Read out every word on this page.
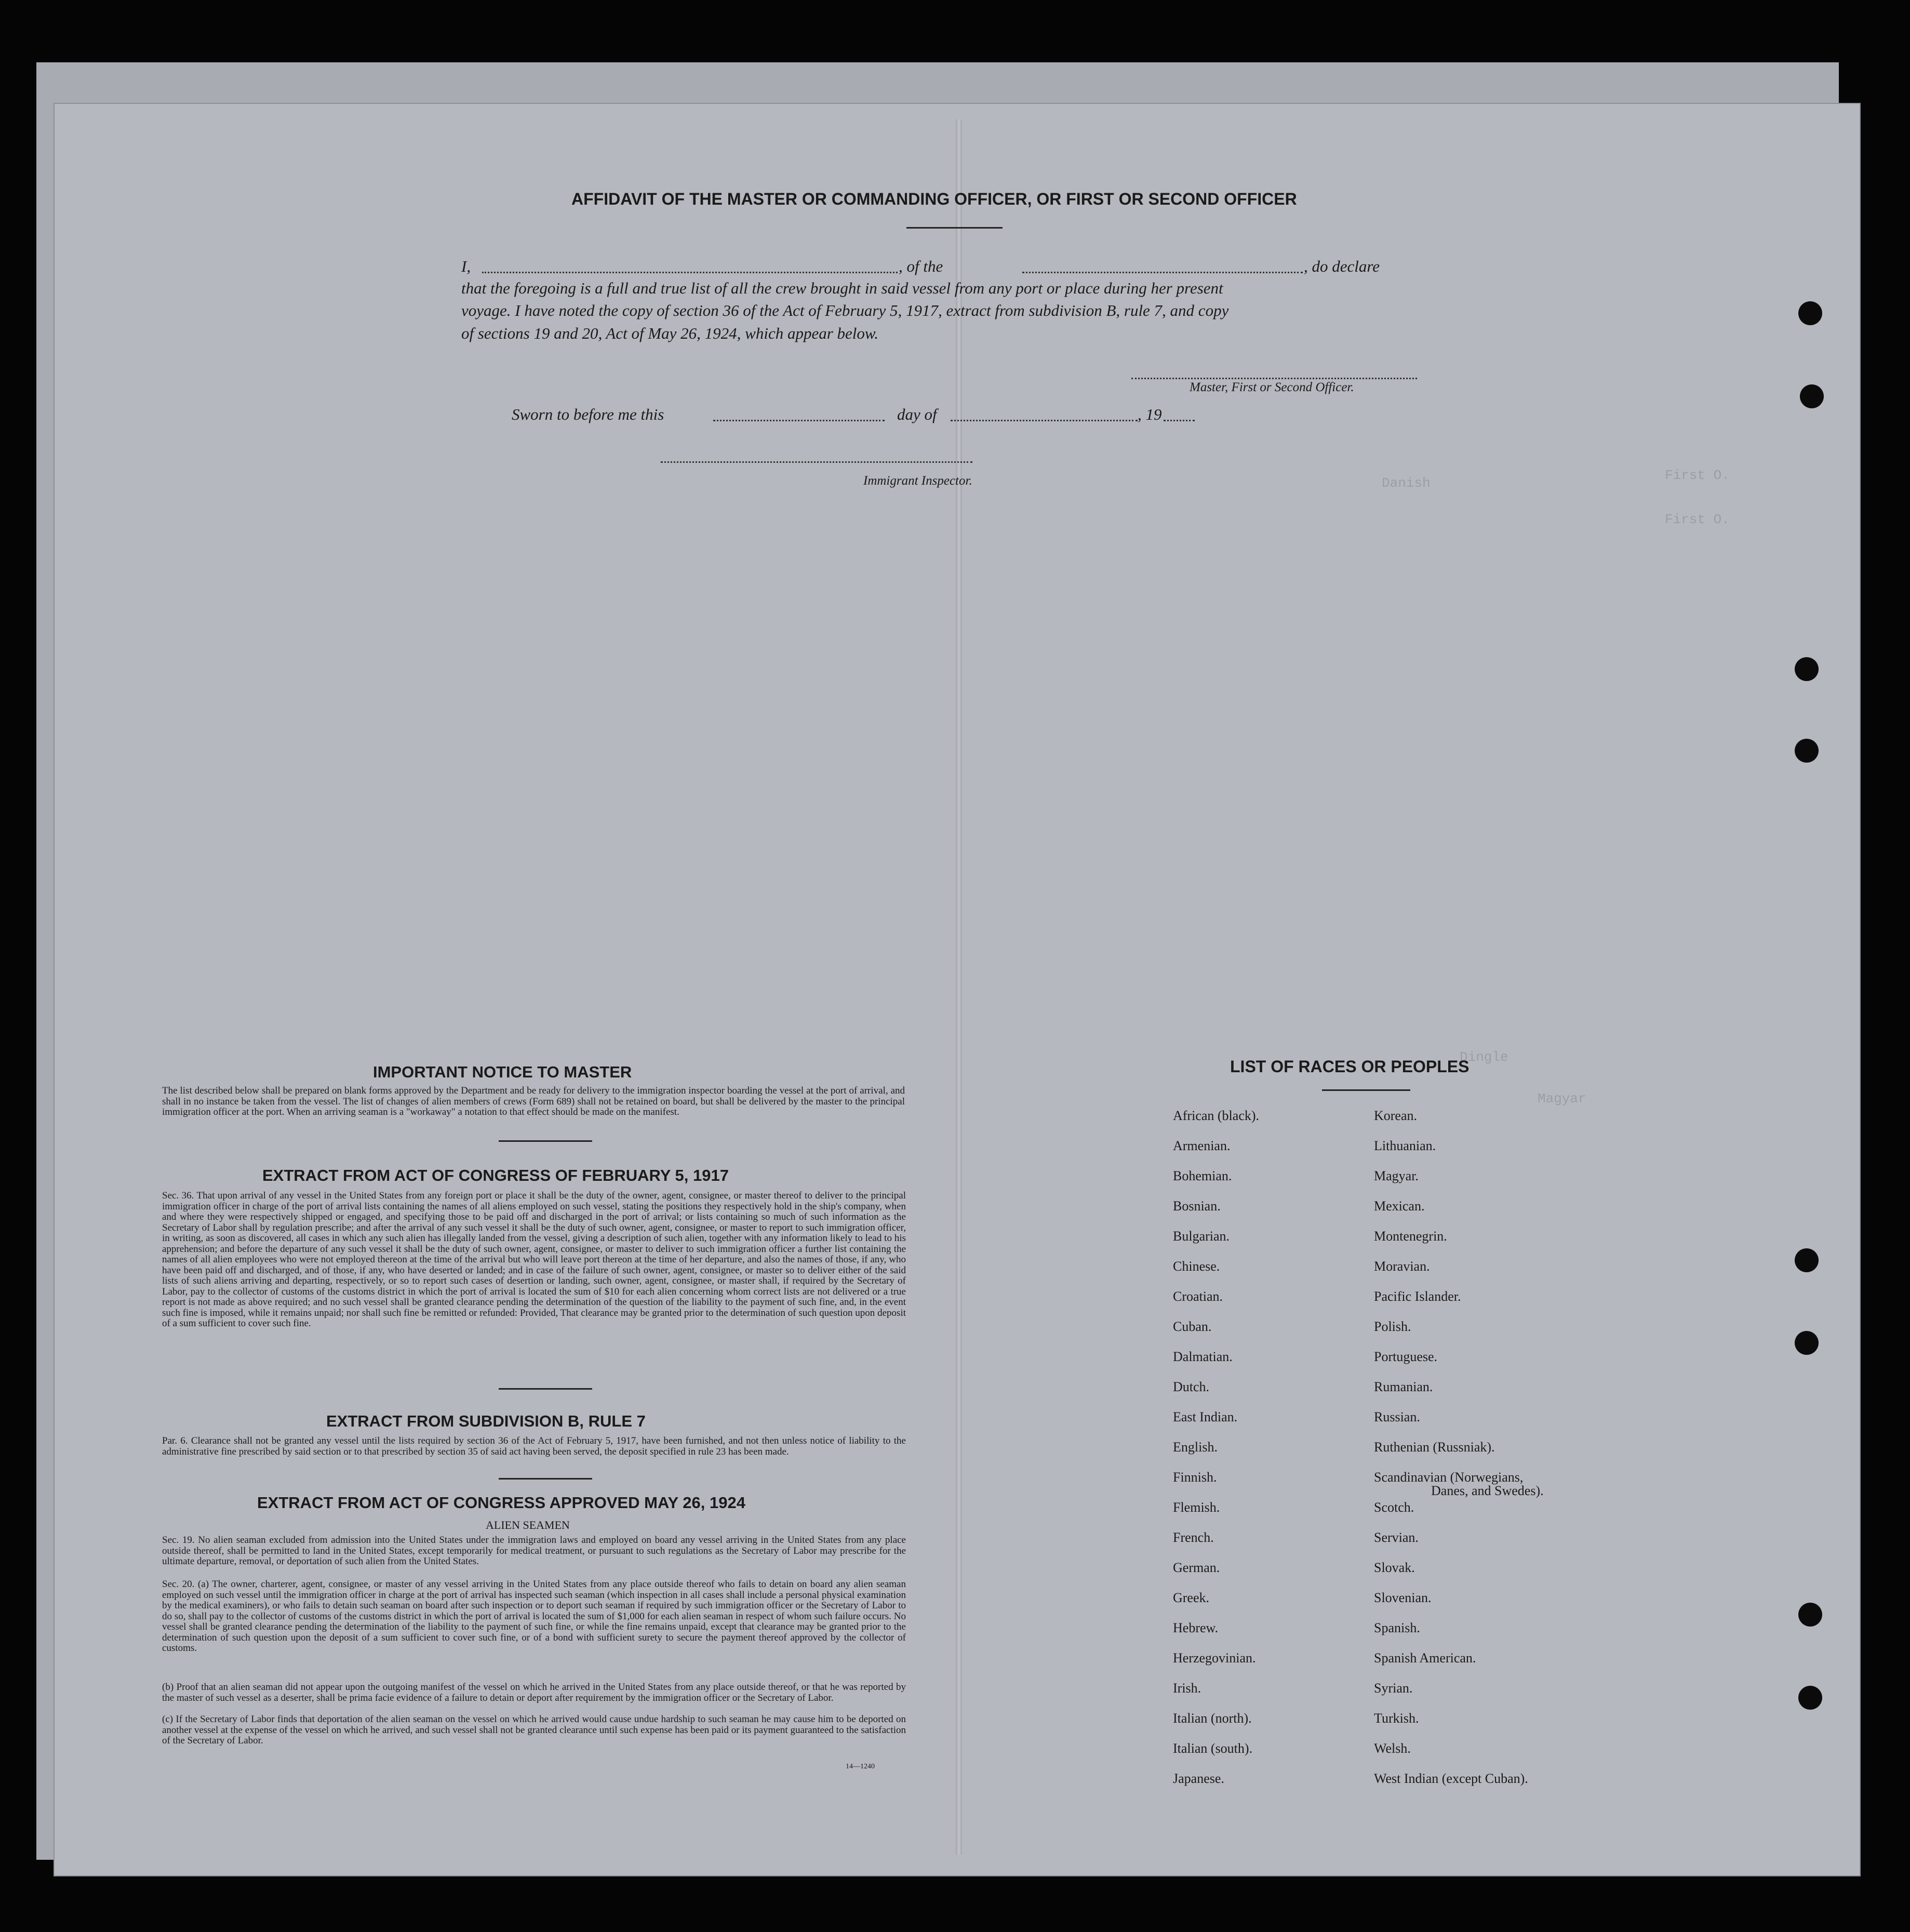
AFFIDAVIT OF THE MASTER OR COMMANDING OFFICER, OR FIRST OR SECOND OFFICER
I,	, of the	, do declare
that the foregoing is a full and true list of all the crew brought in said vessel from any port or place during her present
voyage. I have noted the copy of section 36 of the Act of February 5, 1917, extract from subdivision B, rule 7, and copy
of sections 19 and 20, Act of May 26, 1924, which appear below.
Master, First or Second Officer.
Sworn to before me this	day of	, 19
Immigrant Inspector.	First O.
First O.
Danish
Dingle
Magyar
IMPORTANT NOTICE TO MASTER
The list described below shall be prepared on blank forms approved by the Department and be ready for delivery to the immigration inspector boarding the vessel at the port of arrival, and shall in no instance be taken from the vessel. The list of changes of alien members of crews (Form 689) shall not be retained on board, but shall be delivered by the master to the principal immigration officer at the port. When an arriving seaman is a "workaway" a notation to that effect should be made on the manifest.
EXTRACT FROM ACT OF CONGRESS OF FEBRUARY 5, 1917
Sec. 36. That upon arrival of any vessel in the United States from any foreign port or place it shall be the duty of the owner, agent, consignee, or master thereof to deliver to the principal immigration officer in charge of the port of arrival lists containing the names of all aliens employed on such vessel, stating the positions they respectively hold in the ship's company, when and where they were respectively shipped or engaged, and specifying those to be paid off and discharged in the port of arrival; or lists containing so much of such information as the Secretary of Labor shall by regulation prescribe; and after the arrival of any such vessel it shall be the duty of such owner, agent, consignee, or master to report to such immigration officer, in writing, as soon as discovered, all cases in which any such alien has illegally landed from the vessel, giving a description of such alien, together with any information likely to lead to his apprehension; and before the departure of any such vessel it shall be the duty of such owner, agent, consignee, or master to deliver to such immigration officer a further list containing the names of all alien employees who were not employed thereon at the time of the arrival but who will leave port thereon at the time of her departure, and also the names of those, if any, who have been paid off and discharged, and of those, if any, who have deserted or landed; and in case of the failure of such owner, agent, consignee, or master so to deliver either of the said lists of such aliens arriving and departing, respectively, or so to report such cases of desertion or landing, such owner, agent, consignee, or master shall, if required by the Secretary of Labor, pay to the collector of customs of the customs district in which the port of arrival is located the sum of $10 for each alien concerning whom correct lists are not delivered or a true report is not made as above required; and no such vessel shall be granted clearance pending the determination of the question of the liability to the payment of such fine, and, in the event such fine is imposed, while it remains unpaid; nor shall such fine be remitted or refunded: Provided, That clearance may be granted prior to the determination of such question upon deposit of a sum sufficient to cover such fine.
EXTRACT FROM SUBDIVISION B, RULE 7
Par. 6. Clearance shall not be granted any vessel until the lists required by section 36 of the Act of February 5, 1917, have been furnished, and not then unless notice of liability to the administrative fine prescribed by said section or to that prescribed by section 35 of said act having been served, the deposit specified in rule 23 has been made.
EXTRACT FROM ACT OF CONGRESS APPROVED MAY 26, 1924
ALIEN SEAMEN
Sec. 19. No alien seaman excluded from admission into the United States under the immigration laws and employed on board any vessel arriving in the United States from any place outside thereof, shall be permitted to land in the United States, except temporarily for medical treatment, or pursuant to such regulations as the Secretary of Labor may prescribe for the ultimate departure, removal, or deportation of such alien from the United States.
Sec. 20. (a) The owner, charterer, agent, consignee, or master of any vessel arriving in the United States from any place outside thereof who fails to detain on board any alien seaman employed on such vessel until the immigration officer in charge at the port of arrival has inspected such seaman (which inspection in all cases shall include a personal physical examination by the medical examiners), or who fails to detain such seaman on board after such inspection or to deport such seaman if required by such immigration officer or the Secretary of Labor to do so, shall pay to the collector of customs of the customs district in which the port of arrival is located the sum of $1,000 for each alien seaman in respect of whom such failure occurs. No vessel shall be granted clearance pending the determination of the liability to the payment of such fine, or while the fine remains unpaid, except that clearance may be granted prior to the determination of such question upon the deposit of a sum sufficient to cover such fine, or of a bond with sufficient surety to secure the payment thereof approved by the collector of customs.
(b) Proof that an alien seaman did not appear upon the outgoing manifest of the vessel on which he arrived in the United States from any place outside thereof, or that he was reported by the master of such vessel as a deserter, shall be prima facie evidence of a failure to detain or deport after requirement by the immigration officer or the Secretary of Labor.
(c) If the Secretary of Labor finds that deportation of the alien seaman on the vessel on which he arrived would cause undue hardship to such seaman he may cause him to be deported on another vessel at the expense of the vessel on which he arrived, and such vessel shall not be granted clearance until such expense has been paid or its payment guaranteed to the satisfaction of the Secretary of Labor.
14—1240
LIST OF RACES OR PEOPLES
African (black).
Armenian.
Bohemian.
Bosnian.
Bulgarian.
Chinese.
Croatian.
Cuban.
Dalmatian.
Dutch.
East Indian.
English.
Finnish.
Flemish.
French.
German.
Greek.
Hebrew.
Herzegovinian.
Irish.
Italian (north).
Italian (south).
Japanese.
Korean.
Lithuanian.
Magyar.
Mexican.
Montenegrin.
Moravian.
Pacific Islander.
Polish.
Portuguese.
Rumanian.
Russian.
Ruthenian (Russniak).
Scandinavian (Norwegians,
Danes, and Swedes).
Scotch.
Servian.
Slovak.
Slovenian.
Spanish.
Spanish American.
Syrian.
Turkish.
Welsh.
West Indian (except Cuban).
